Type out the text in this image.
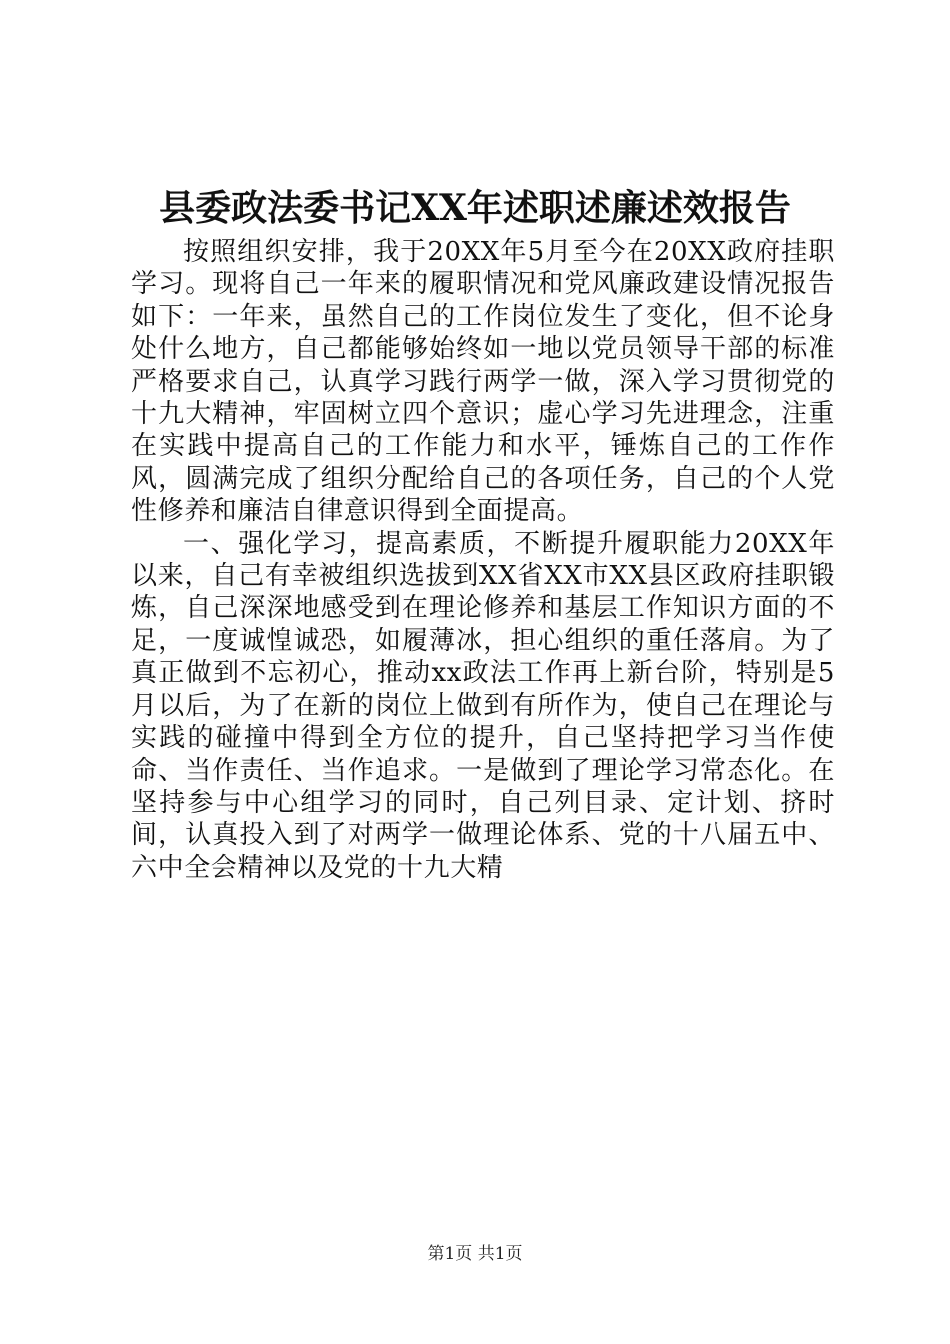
县委政法委书记XX年述职述廉述效报告

按照组织安排，我于20XX年5月至今在20XX政府挂职学习。现将自己一年来的履职情况和党风廉政建设情况报告如下：一年来，虽然自己的工作岗位发生了变化，但不论身处什么地方，自己都能够始终如一地以党员领导干部的标准严格要求自己，认真学习践行两学一做，深入学习贯彻党的十九大精神，牢固树立四个意识；虚心学习先进理念，注重在实践中提高自己的工作能力和水平，锤炼自己的工作作风，圆满完成了组织分配给自己的各项任务，自己的个人党性修养和廉洁自律意识得到全面提高。

一、强化学习，提高素质，不断提升履职能力20XX年以来，自己有幸被组织选拔到XX省XX市XX县区政府挂职锻炼，自己深深地感受到在理论修养和基层工作知识方面的不足，一度诚惶诚恐，如履薄冰，担心组织的重任落肩。为了真正做到不忘初心，推动xx政法工作再上新台阶，特别是5月以后，为了在新的岗位上做到有所作为，使自己在理论与实践的碰撞中得到全方位的提升，自己坚持把学习当作使命、当作责任、当作追求。一是做到了理论学习常态化。在坚持参与中心组学习的同时，自己列目录、定计划、挤时间，认真投入到了对两学一做理论体系、党的十八届五中、六中全会精神以及党的十九大精

第1页 共1页
